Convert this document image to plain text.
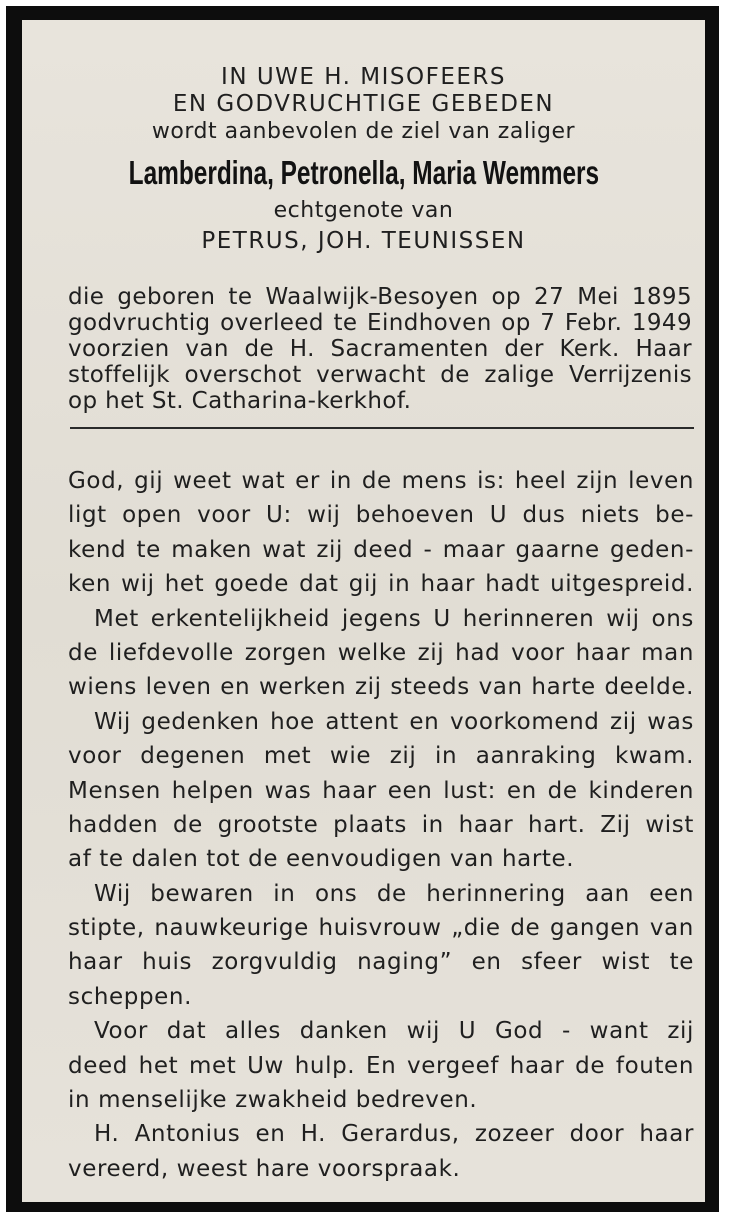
IN UWE H. MISOFEERS
EN GODVRUCHTIGE GEBEDEN
wordt aanbevolen de ziel van zaliger
Lamberdina, Petronella, Maria Wemmers
echtgenote van
PETRUS, JOH. TEUNISSEN
die geboren te Waalwijk-Besoyen op 27 Mei 1895
godvruchtig overleed te Eindhoven op 7 Febr. 1949
voorzien van de H. Sacramenten der Kerk. Haar
stoffelijk overschot verwacht de zalige Verrijzenis
op het St. Catharina-kerkhof.
God, gij weet wat er in de mens is: heel zijn leven
ligt open voor U: wij behoeven U dus niets be-
kend te maken wat zij deed - maar gaarne geden-
ken wij het goede dat gij in haar hadt uitgespreid.
Met erkentelijkheid jegens U herinneren wij ons
de liefdevolle zorgen welke zij had voor haar man
wiens leven en werken zij steeds van harte deelde.
Wij gedenken hoe attent en voorkomend zij was
voor degenen met wie zij in aanraking kwam.
Mensen helpen was haar een lust: en de kinderen
hadden de grootste plaats in haar hart. Zij wist
af te dalen tot de eenvoudigen van harte.
Wij bewaren in ons de herinnering aan een
stipte, nauwkeurige huisvrouw „die de gangen van
haar huis zorgvuldig naging” en sfeer wist te
scheppen.
Voor dat alles danken wij U God - want zij
deed het met Uw hulp. En vergeef haar de fouten
in menselijke zwakheid bedreven.
H. Antonius en H. Gerardus, zozeer door haar
vereerd, weest hare voorspraak.
